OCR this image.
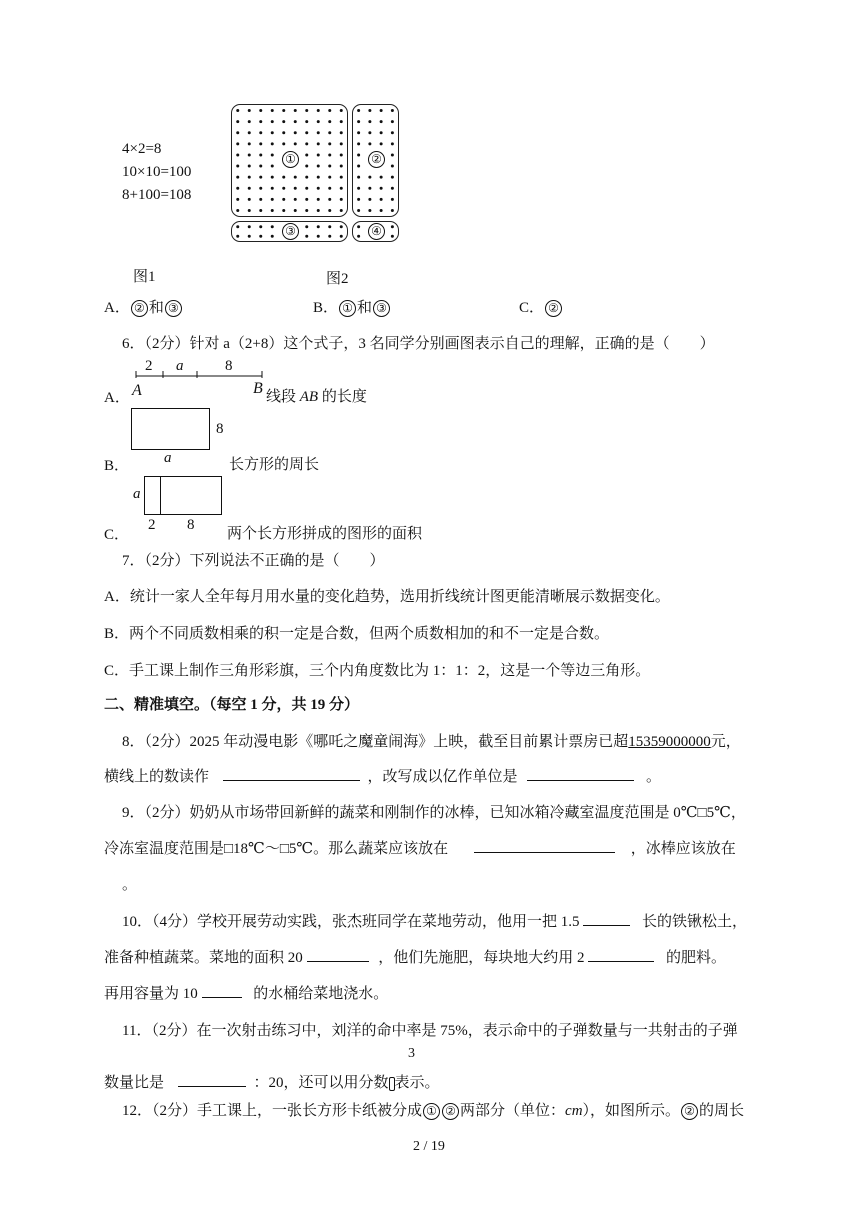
4×2=8
10×10=100
8+100=108
①	②
③	④
图1	图2
A． ② 和 ③	B． ① 和 ③	C． ②
6．（2分）针对 a（2+8）这个式子，3 名同学分别画图表示自己的理解，正确的是（　　）
A．
2 a	8
A	B 线段 AB 的长度
8
a
B．	长方形的周长
a
2 8
C．	两个长方形拼成的图形的面积
7．（2分）下列说法不正确的是（　　）
A．统计一家人全年每月用水量的变化趋势，选用折线统计图更能清晰展示数据变化。
B．两个不同质数相乘的积一定是合数，但两个质数相加的和不一定是合数。
C．手工课上制作三角形彩旗，三个内角度数比为 1：1：2，这是一个等边三角形。
二、精准填空。（每空 1 分，共 19 分）
8．（2分）2025 年动漫电影《哪吒之魔童闹海》上映，截至目前累计票房已超15359000000元，
横线上的数读作	，改写成以亿作单位是	。
9．（2分）奶奶从市场带回新鲜的蔬菜和刚制作的冰棒，已知冰箱冷藏室温度范围是 0℃□5℃，
冷冻室温度范围是□18℃～□5℃。那么蔬菜应该放在	，冰棒应该放在
。
10．（4分）学校开展劳动实践，张杰班同学在菜地劳动，他用一把 1.5	长的铁锹松土，
准备种植蔬菜。菜地的面积 20	，他们先施肥，每块地大约用 2	的肥料。
再用容量为 10	的水桶给菜地浇水。
11．（2分）在一次射击练习中，刘洋的命中率是 75%，表示命中的子弹数量与一共射击的子弹
3
数量比是	：20，还可以用分数 表示。
12．（2分）手工课上，一张长方形卡纸被分成 ① ② 两部分（单位：cm），如图所示。 ② 的周长
2 / 19
